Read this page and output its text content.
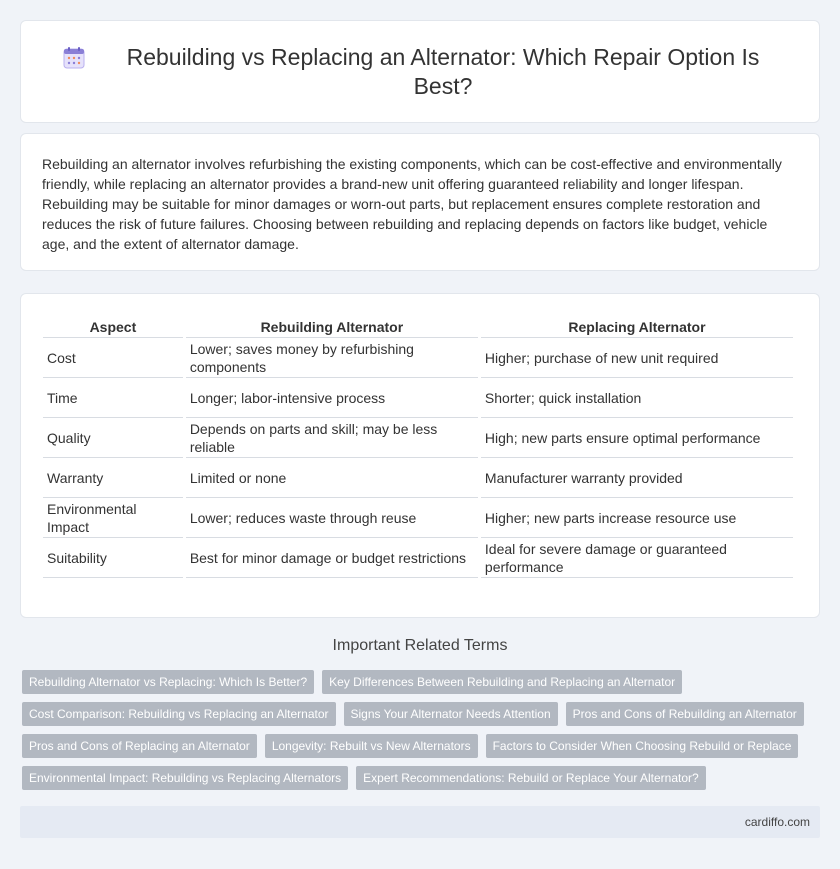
Rebuilding vs Replacing an Alternator: Which Repair Option Is Best?

Rebuilding an alternator involves refurbishing the existing components, which can be cost-effective and environmentally friendly, while replacing an alternator provides a brand-new unit offering guaranteed reliability and longer lifespan. Rebuilding may be suitable for minor damages or worn-out parts, but replacement ensures complete restoration and reduces the risk of future failures. Choosing between rebuilding and replacing depends on factors like budget, vehicle age, and the extent of alternator damage.

Aspect	Rebuilding Alternator	Replacing Alternator
Cost	Lower; saves money by refurbishing components	Higher; purchase of new unit required
Time	Longer; labor-intensive process	Shorter; quick installation
Quality	Depends on parts and skill; may be less reliable	High; new parts ensure optimal performance
Warranty	Limited or none	Manufacturer warranty provided
Environmental Impact	Lower; reduces waste through reuse	Higher; new parts increase resource use
Suitability	Best for minor damage or budget restrictions	Ideal for severe damage or guaranteed performance
Important Related Terms
Rebuilding Alternator vs Replacing: Which Is Better?	Key Differences Between Rebuilding and Replacing an Alternator
Cost Comparison: Rebuilding vs Replacing an Alternator	Signs Your Alternator Needs Attention	Pros and Cons of Rebuilding an Alternator
Pros and Cons of Replacing an Alternator	Longevity: Rebuilt vs New Alternators	Factors to Consider When Choosing Rebuild or Replace
Environmental Impact: Rebuilding vs Replacing Alternators	Expert Recommendations: Rebuild or Replace Your Alternator?
cardiffo.com
